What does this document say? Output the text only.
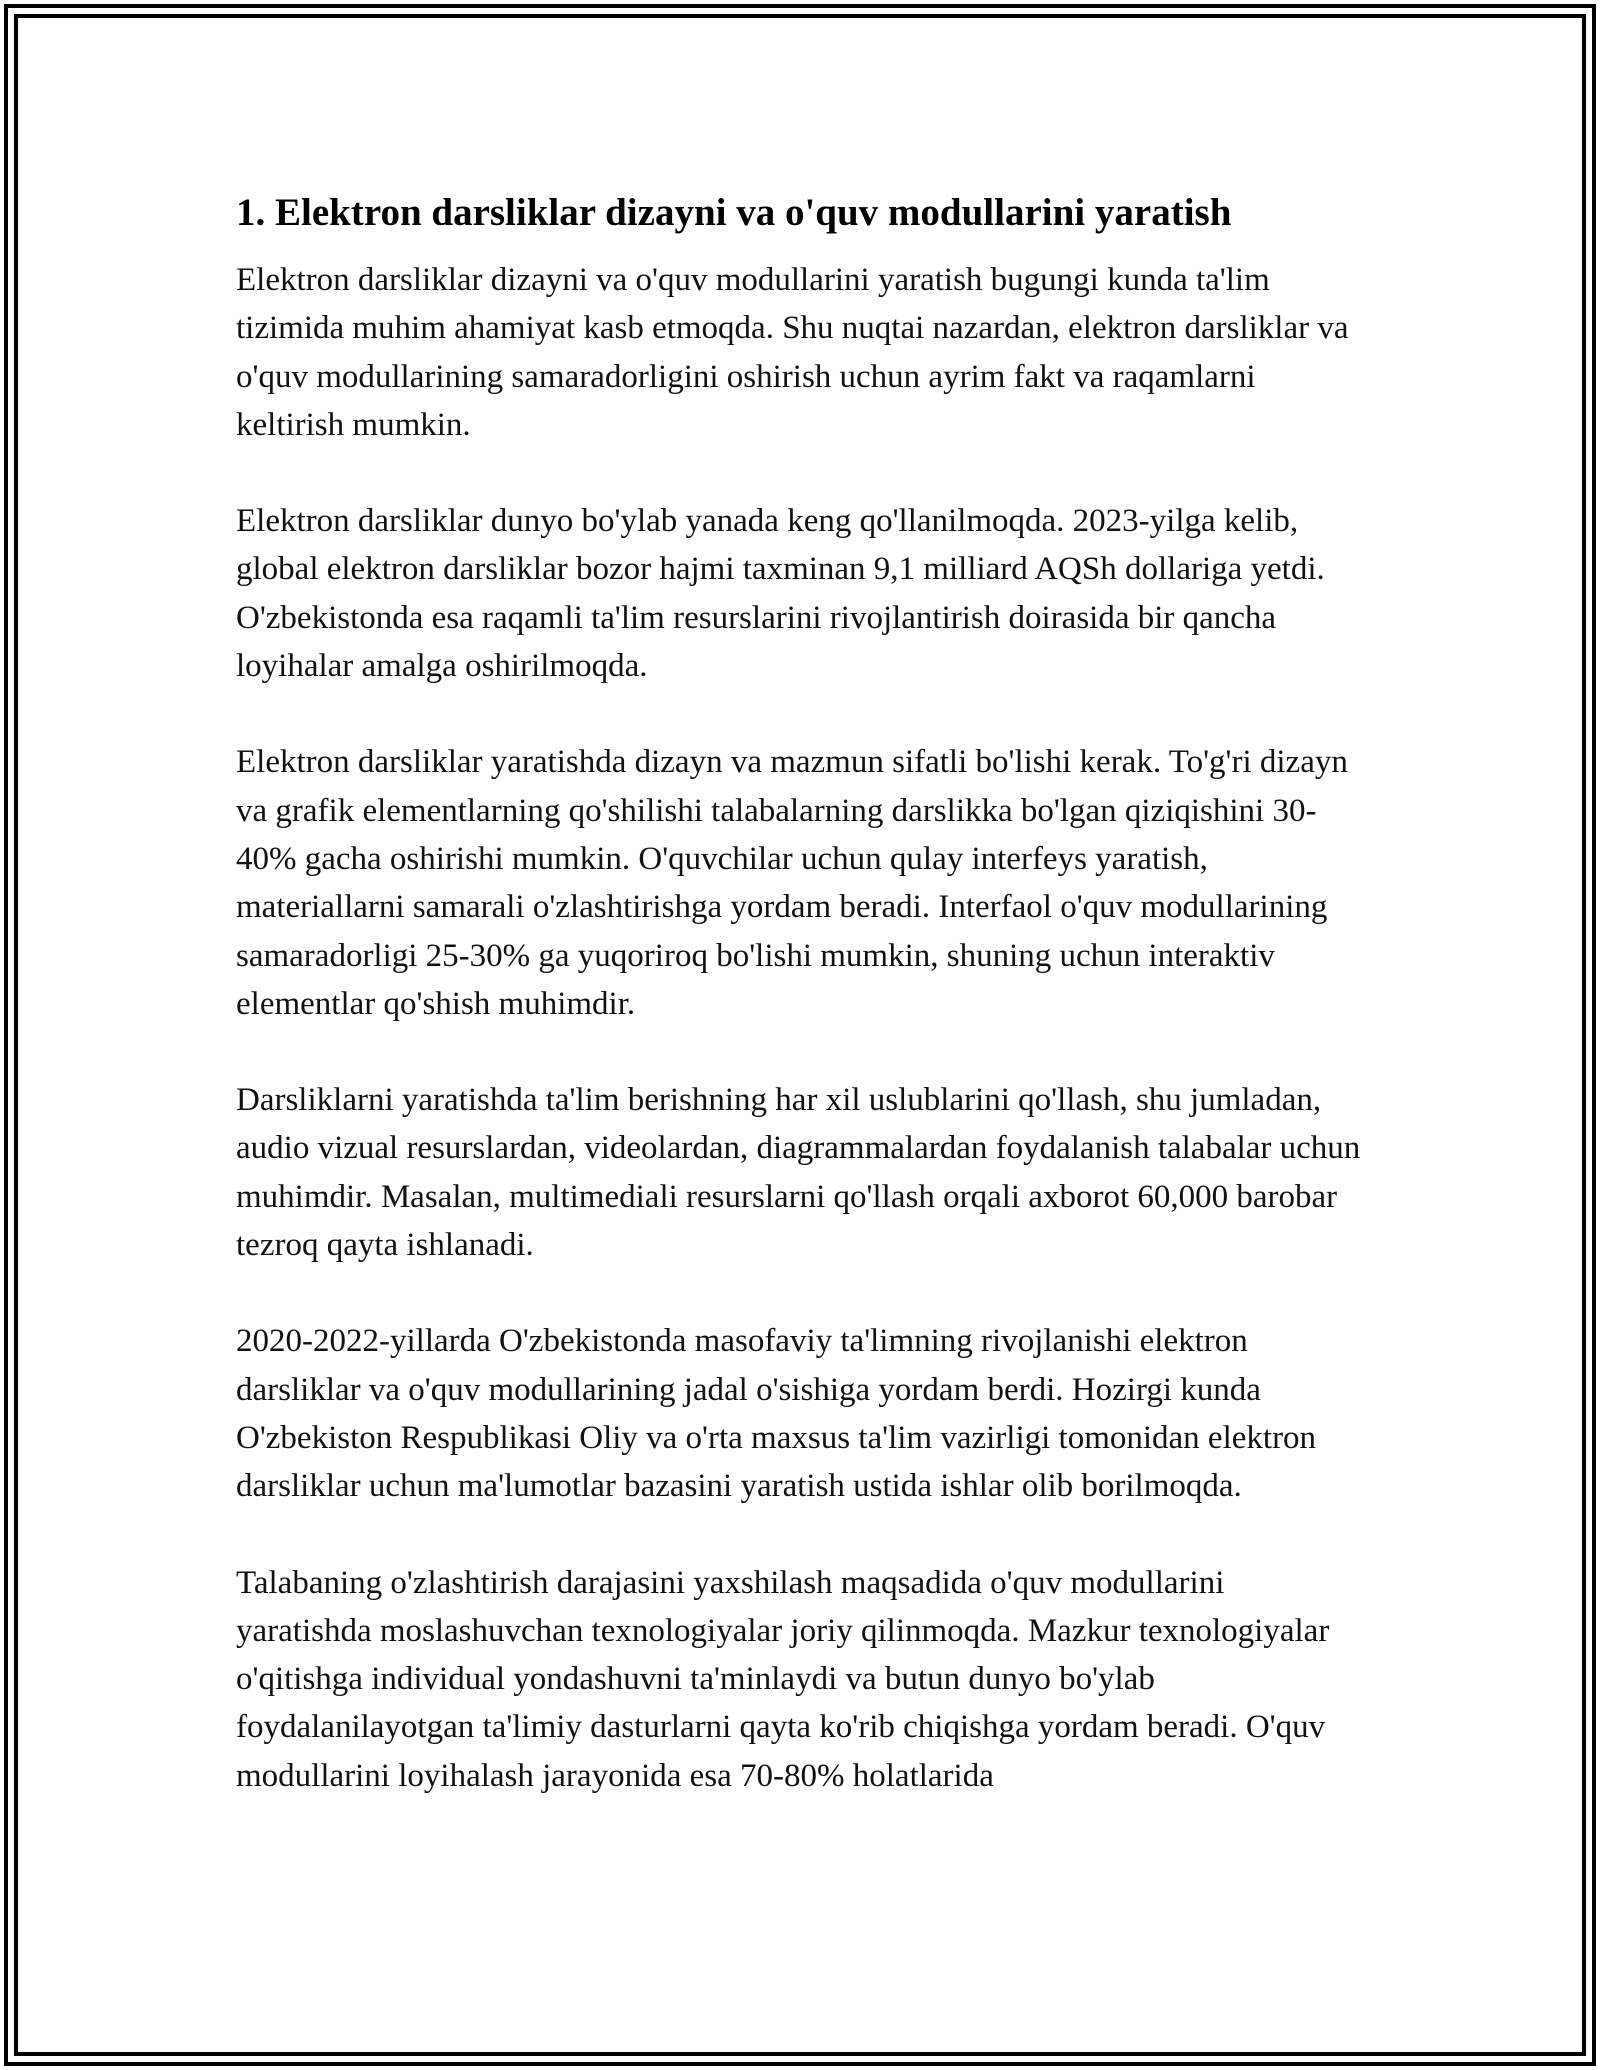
1. Elektron darsliklar dizayni va o'quv modullarini yaratish

Elektron darsliklar dizayni va o'quv modullarini yaratish bugungi kunda ta'lim tizimida muhim ahamiyat kasb etmoqda. Shu nuqtai nazardan, elektron darsliklar va o'quv modullarining samaradorligini oshirish uchun ayrim fakt va raqamlarni keltirish mumkin.

Elektron darsliklar dunyo bo'ylab yanada keng qo'llanilmoqda. 2023-yilga kelib, global elektron darsliklar bozor hajmi taxminan 9,1 milliard AQSh dollariga yetdi. O'zbekistonda esa raqamli ta'lim resurslarini rivojlantirish doirasida bir qancha loyihalar amalga oshirilmoqda.

Elektron darsliklar yaratishda dizayn va mazmun sifatli bo'lishi kerak. To'g'ri dizayn va grafik elementlarning qo'shilishi talabalarning darslikka bo'lgan qiziqishini 30-40% gacha oshirishi mumkin. O'quvchilar uchun qulay interfeys yaratish, materiallarni samarali o'zlashtirishga yordam beradi. Interfaol o'quv modullarining samaradorligi 25-30% ga yuqoriroq bo'lishi mumkin, shuning uchun interaktiv elementlar qo'shish muhimdir.

Darsliklarni yaratishda ta'lim berishning har xil uslublarini qo'llash, shu jumladan, audio vizual resurslardan, videolardan, diagrammalardan foydalanish talabalar uchun muhimdir. Masalan, multimediali resurslarni qo'llash orqali axborot 60,000 barobar tezroq qayta ishlanadi.

2020-2022-yillarda O'zbekistonda masofaviy ta'limning rivojlanishi elektron darsliklar va o'quv modullarining jadal o'sishiga yordam berdi. Hozirgi kunda O'zbekiston Respublikasi Oliy va o'rta maxsus ta'lim vazirligi tomonidan elektron darsliklar uchun ma'lumotlar bazasini yaratish ustida ishlar olib borilmoqda.

Talabaning o'zlashtirish darajasini yaxshilash maqsadida o'quv modullarini yaratishda moslashuvchan texnologiyalar joriy qilinmoqda. Mazkur texnologiyalar o'qitishga individual yondashuvni ta'minlaydi va butun dunyo bo'ylab foydalanilayotgan ta'limiy dasturlarni qayta ko'rib chiqishga yordam beradi. O'quv modullarini loyihalash jarayonida esa 70-80% holatlarida
